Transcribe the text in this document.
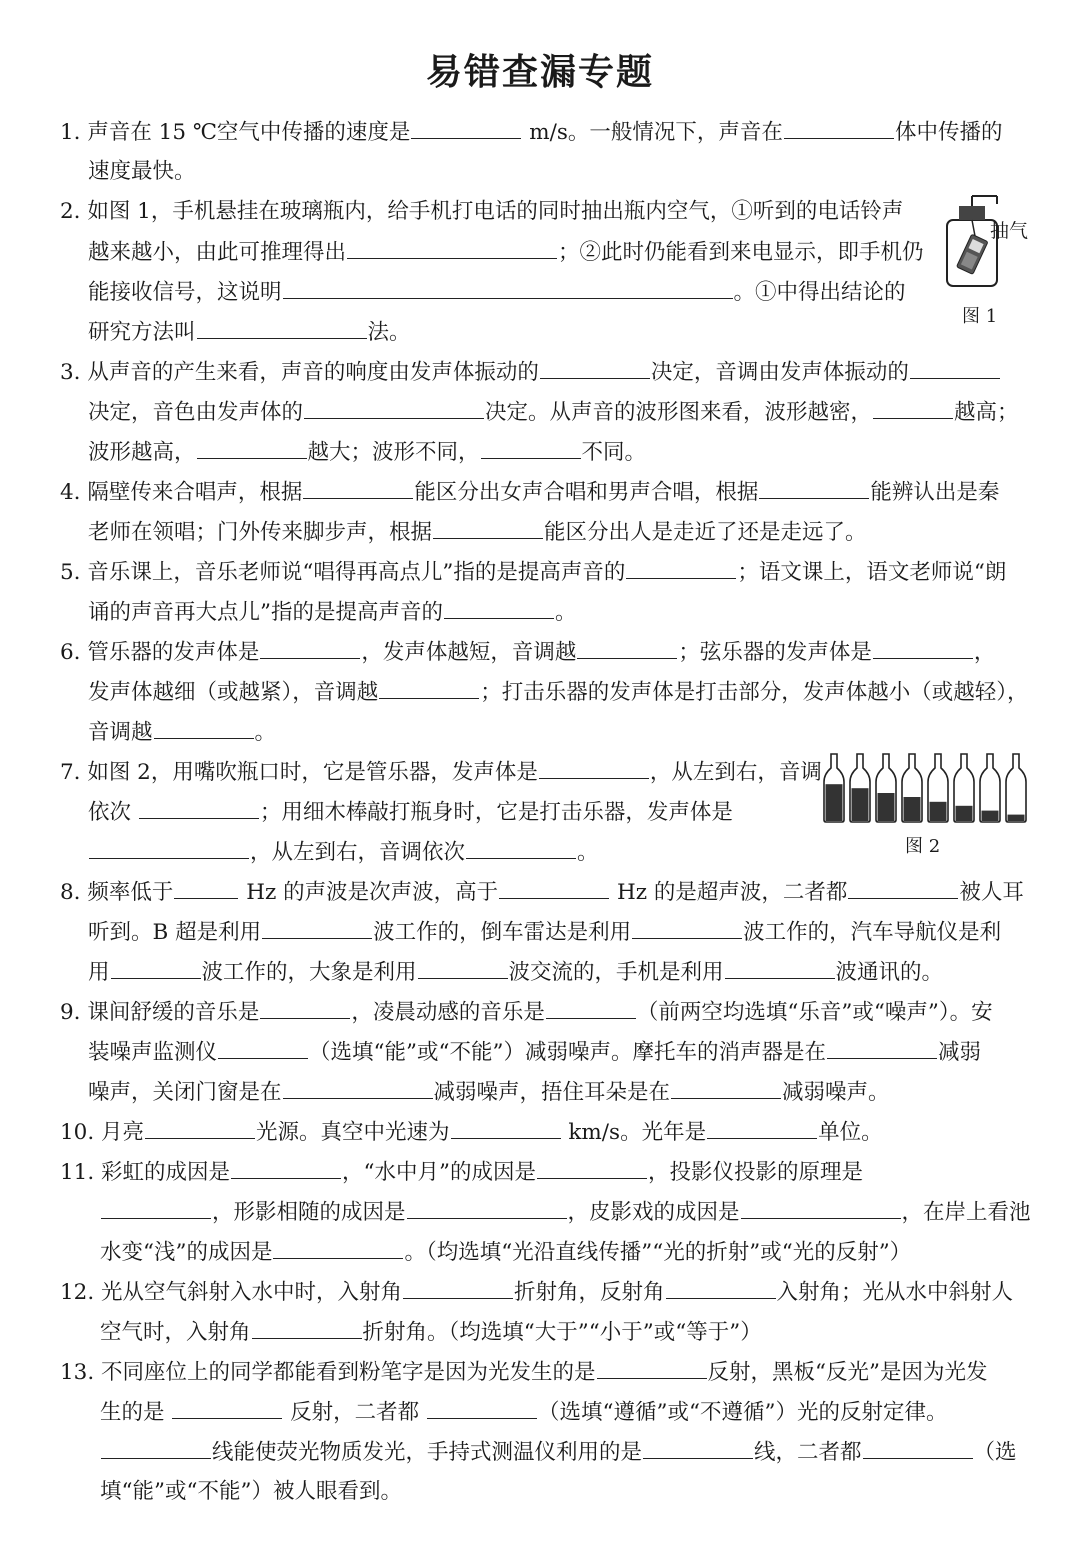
易错查漏专题
1. 声音在 15 ℃空气中传播的速度是	m/s。一般情况下，声音在	体中传播的
速度最快。
2. 如图 1，手机悬挂在玻璃瓶内，给手机打电话的同时抽出瓶内空气，①听到的电话铃声
越来越小，由此可推理得出	；②此时仍能看到来电显示，即手机仍
能接收信号，这说明	。①中得出结论的
研究方法叫	法。
3. 从声音的产生来看，声音的响度由发声体振动的	决定，音调由发声体振动的
决定，音色由发声体的	决定。从声音的波形图来看，波形越密，	越高；
波形越高，	越大；波形不同，	不同。
4. 隔壁传来合唱声，根据	能区分出女声合唱和男声合唱，根据	能辨认出是秦
老师在领唱；门外传来脚步声，根据	能区分出人是走近了还是走远了。
5. 音乐课上，音乐老师说“唱得再高点儿”指的是提高声音的	；语文课上，语文老师说“朗
诵的声音再大点儿”指的是提高声音的	。
6. 管乐器的发声体是	，发声体越短，音调越	；弦乐器的发声体是	，
发声体越细（或越紧），音调越	；打击乐器的发声体是打击部分，发声体越小（或越轻），
音调越	。
7. 如图 2，用嘴吹瓶口时，它是管乐器，发声体是	，从左到右，音调
依次	；用细木棒敲打瓶身时，它是打击乐器，发声体是
，从左到右，音调依次	。
8. 频率低于	Hz 的声波是次声波，高于	Hz 的是超声波，二者都	被人耳
听到。B 超是利用	波工作的，倒车雷达是利用	波工作的，汽车导航仪是利
用	波工作的，大象是利用	波交流的，手机是利用	波通讯的。
9. 课间舒缓的音乐是	，凌晨动感的音乐是	（前两空均选填“乐音”或“噪声”）。安
装噪声监测仪	（选填“能”或“不能”）减弱噪声。摩托车的消声器是在	减弱
噪声，关闭门窗是在	减弱噪声，捂住耳朵是在	减弱噪声。
10. 月亮	光源。真空中光速为	km/s。光年是	单位。
11. 彩虹的成因是	，“水中月”的成因是	，投影仪投影的原理是
，形影相随的成因是	，皮影戏的成因是	，在岸上看池
水变“浅”的成因是	。（均选填“光沿直线传播”“光的折射”或“光的反射”）
12. 光从空气斜射入水中时，入射角	折射角，反射角	入射角；光从水中斜射人
空气时，入射角	折射角。（均选填“大于”“小于”或“等于”）
13. 不同座位上的同学都能看到粉笔字是因为光发生的是	反射，黑板“反光”是因为光发
生的是	反射，二者都	（选填“遵循”或“不遵循”）光的反射定律。
线能使荧光物质发光，手持式测温仪利用的是	线，二者都	（选
填“能”或“不能”）被人眼看到。
抽气
图 1
图 2
